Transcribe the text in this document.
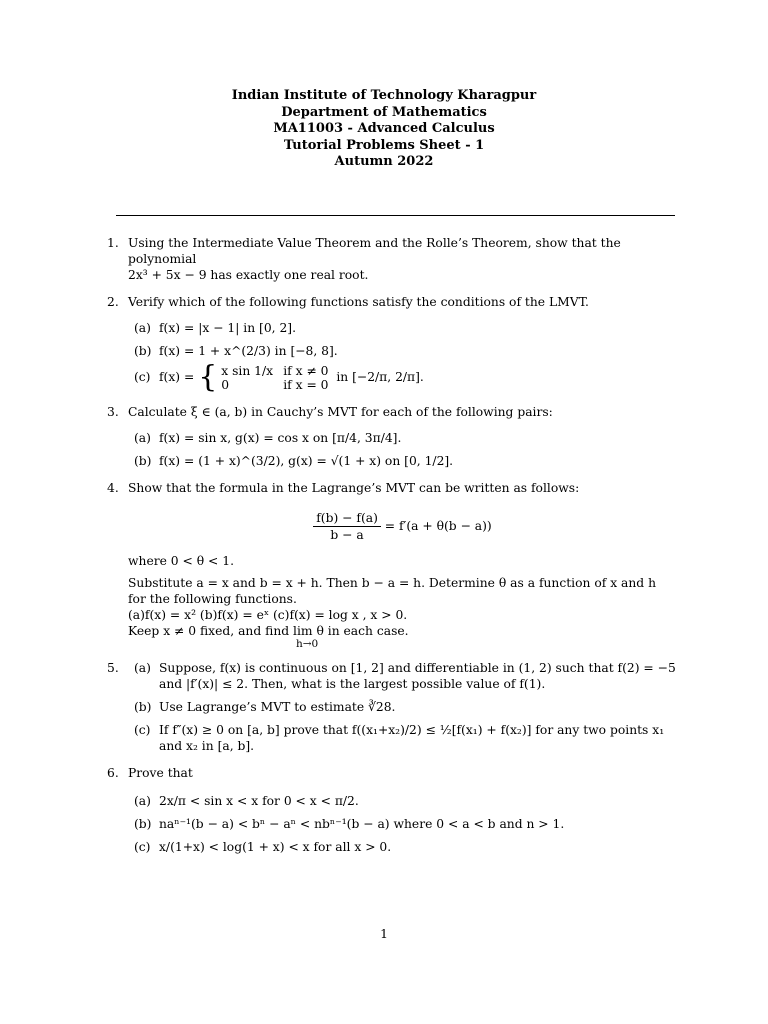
Indian Institute of Technology Kharagpur
Department of Mathematics
MA11003 - Advanced Calculus
Tutorial Problems Sheet - 1
Autumn 2022
1. Using the Intermediate Value Theorem and the Rolle’s Theorem, show that the polynomial
2x³ + 5x − 9 has exactly one real root.
2. Verify which of the following functions satisfy the conditions of the LMVT.
(a) f(x) = |x − 1| in [0, 2].
(b) f(x) = 1 + x^(2/3) in [−8, 8].
(c) f(x) = { x sin 1/x if x ≠ 0
0	if x = 0
in [−2/π, 2/π].
3. Calculate ξ ∈ (a, b) in Cauchy’s MVT for each of the following pairs:
(a) f(x) = sin x, g(x) = cos x on [π/4, 3π/4].
(b) f(x) = (1 + x)^(3/2), g(x) = √(1 + x) on [0, 1/2].
4. Show that the formula in the Lagrange’s MVT can be written as follows:
$\frac{f(b) - f(a)}{b - a} = f'(a + \theta(b - a))$
where 0 < θ < 1.
Substitute a = x and b = x + h. Then b − a = h. Determine θ as a function of x and h
for the following functions.
(a)f(x) = x² (b)f(x) = eˣ (c)f(x) = log x , x > 0.
Keep x ≠ 0 fixed, and find lim θ in each case.
h→0
5. (a) Suppose, f(x) is continuous on [1, 2] and differentiable in (1, 2) such that f(2) = −5
and |f′(x)| ≤ 2. Then, what is the largest possible value of f(1).
(b) Use Lagrange’s MVT to estimate ∛28.
(c) If f″(x) ≥ 0 on [a, b] prove that f((x₁+x₂)/2) ≤ ½[f(x₁) + f(x₂)] for any two points x₁
and x₂ in [a, b].
6. Prove that
(a) 2x/π < sin x < x for 0 < x < π/2.
(b) naⁿ⁻¹(b − a) < bⁿ − aⁿ < nbⁿ⁻¹(b − a) where 0 < a < b and n > 1.
(c) x/(1+x) < log(1 + x) < x for all x > 0.
1
